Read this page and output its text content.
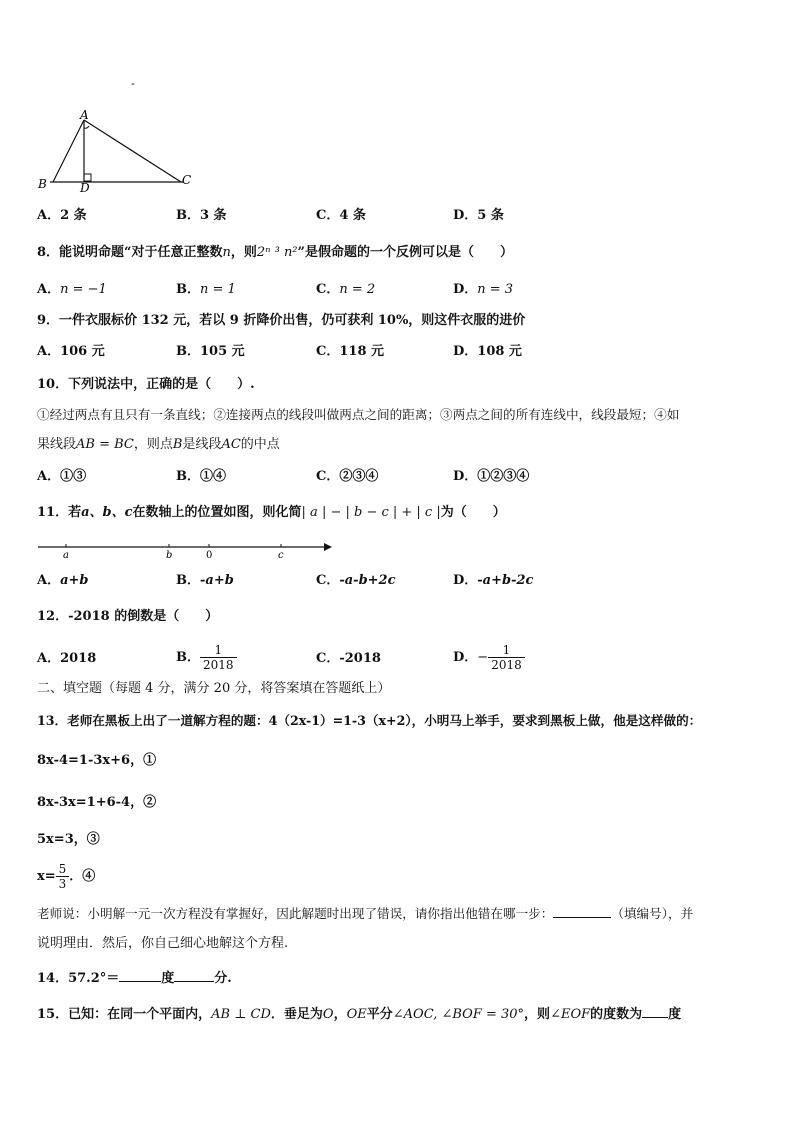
-
A
B	D
C
A．2 条	B．3 条	C．4 条	D．5 条
8．能说明命题“对于任意正整数n，则2ⁿ ³ n²”是假命题的一个反例可以是（　　）
A．n = −1	B．n = 1	C．n = 2	D．n = 3
9．一件衣服标价 132 元，若以 9 折降价出售，仍可获利 10%，则这件衣服的进价
A．106 元	B．105 元	C．118 元	D．108 元
10．下列说法中，正确的是（　　）.
①经过两点有且只有一条直线；②连接两点的线段叫做两点之间的距离；③两点之间的所有连线中，线段最短；④如
果线段AB = BC，则点B是线段AC的中点
A．①③	B．①④	C．②③④	D．①②③④
11．若a、b、c在数轴上的位置如图，则化简| a | − | b − c | + | c |为（　　）
a	b	0	c
A．a+b	B．-a+b	C．-a-b+2c	D．-a+b-2c
12．-2018 的倒数是（　　）
A．2018	B． $\frac{1}{2018}$	C．-2018	D．− $\frac{1}{2018}$
二、填空题（每题 4 分，满分 20 分，将答案填在答题纸上）
13．老师在黑板上出了一道解方程的题：4（2x-1）=1-3（x+2），小明马上举手，要求到黑板上做，他是这样做的：
8x-4=1-3x+6，①
8x-3x=1+6-4，②
5x=3，③
$x= \frac{5}{3}$ ．④
老师说：小明解一元一次方程没有掌握好，因此解题时出现了错误，请你指出他错在哪一步：	（填编号），并
说明理由．然后，你自己细心地解这个方程.
14．57.2°＝	度	分.
15．已知：在同一个平面内，AB ⊥ CD．垂足为O，OE平分∠AOC, ∠BOF = 30°，则∠EOF的度数为 度
